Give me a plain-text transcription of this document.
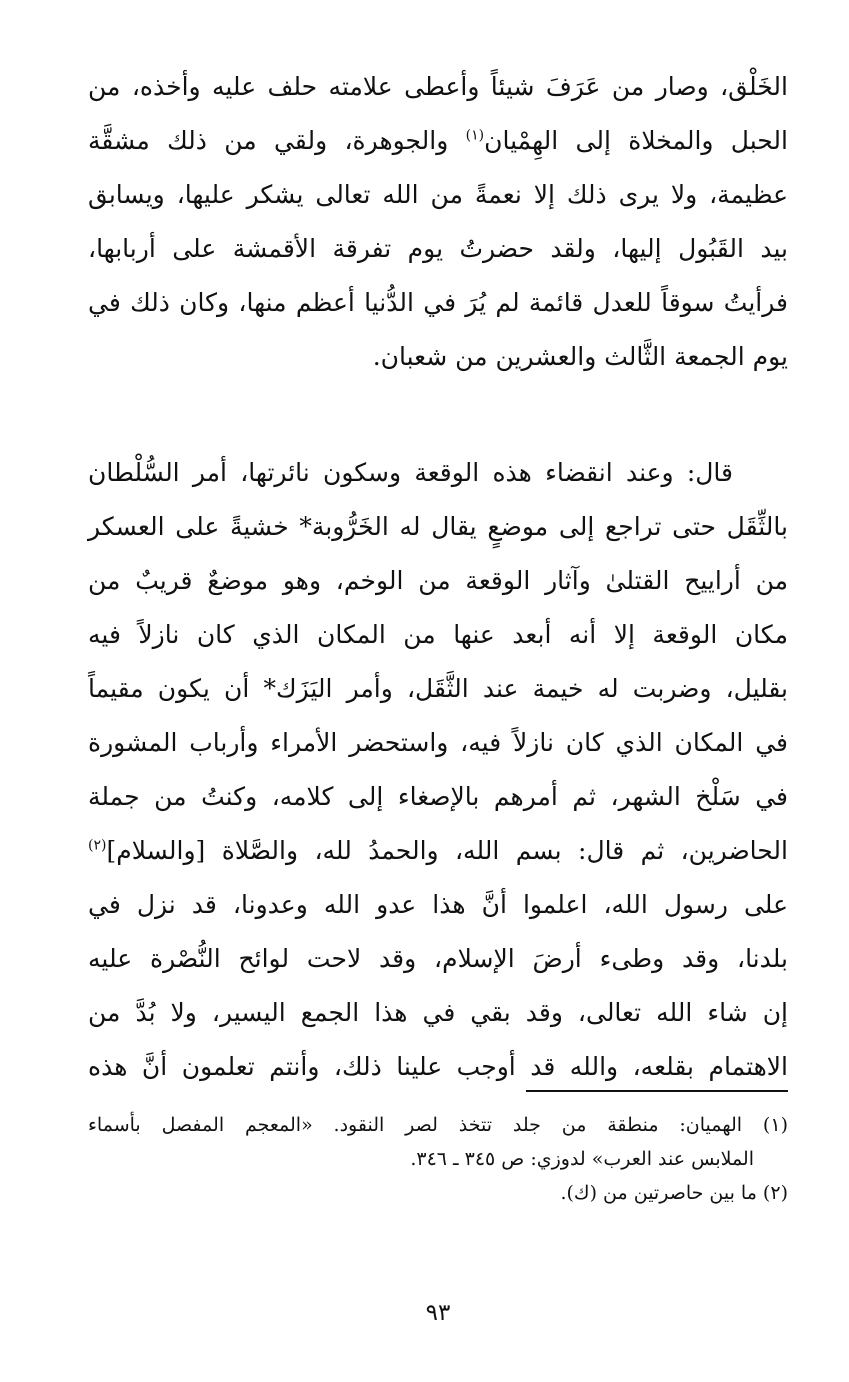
الخَلْق، وصار من عَرَفَ شيئاً وأعطى علامته حلف عليه وأخذه، من
الحبل والمخلاة إلى الهِمْيان$^{(١)}$ والجوهرة، ولقي من ذلك مشقَّة
عظيمة، ولا يرى ذلك إلا نعمةً من الله تعالى يشكر عليها، ويسابق
بيد القَبُول إليها، ولقد حضرتُ يوم تفرقة الأقمشة على أربابها،
فرأيتُ سوقاً للعدل قائمة لم يُرَ في الدُّنيا أعظم منها، وكان ذلك في
يوم الجمعة الثَّالث والعشرين من شعبان.
قال: وعند انقضاء هذه الوقعة وسكون نائرتها، أمر السُّلْطان
بالثِّقَل حتى تراجع إلى موضعٍ يقال له الخَرُّوبة* خشيةً على العسكر
من أراييح القتلىٰ وآثار الوقعة من الوخم، وهو موضعٌ قريبٌ من
مكان الوقعة إلا أنه أبعد عنها من المكان الذي كان نازلاً فيه
بقليل، وضربت له خيمة عند الثَّقَل، وأمر اليَزَك* أن يكون مقيماً
في المكان الذي كان نازلاً فيه، واستحضر الأمراء وأرباب المشورة
في سَلْخ الشهر، ثم أمرهم بالإصغاء إلى كلامه، وكنتُ من جملة
الحاضرين، ثم قال: بسم الله، والحمدُ لله، والصَّلاة [والسلام]$^{(٢)}$
على رسول الله، اعلموا أنَّ هذا عدو الله وعدونا، قد نزل في
بلدنا، وقد وطىء أرضَ الإسلام، وقد لاحت لوائح النُّصْرة عليه
إن شاء الله تعالى، وقد بقي في هذا الجمع اليسير، ولا بُدَّ من
الاهتمام بقلعه، والله قد أوجب علينا ذلك، وأنتم تعلمون أنَّ هذه
(١) الهميان: منطقة من جلد تتخذ لصر النقود. «المعجم المفصل بأسماء
الملابس عند العرب» لدوزي: ص ٣٤٥ ـ ٣٤٦.
(٢) ما بين حاصرتين من (ك).
٩٣
